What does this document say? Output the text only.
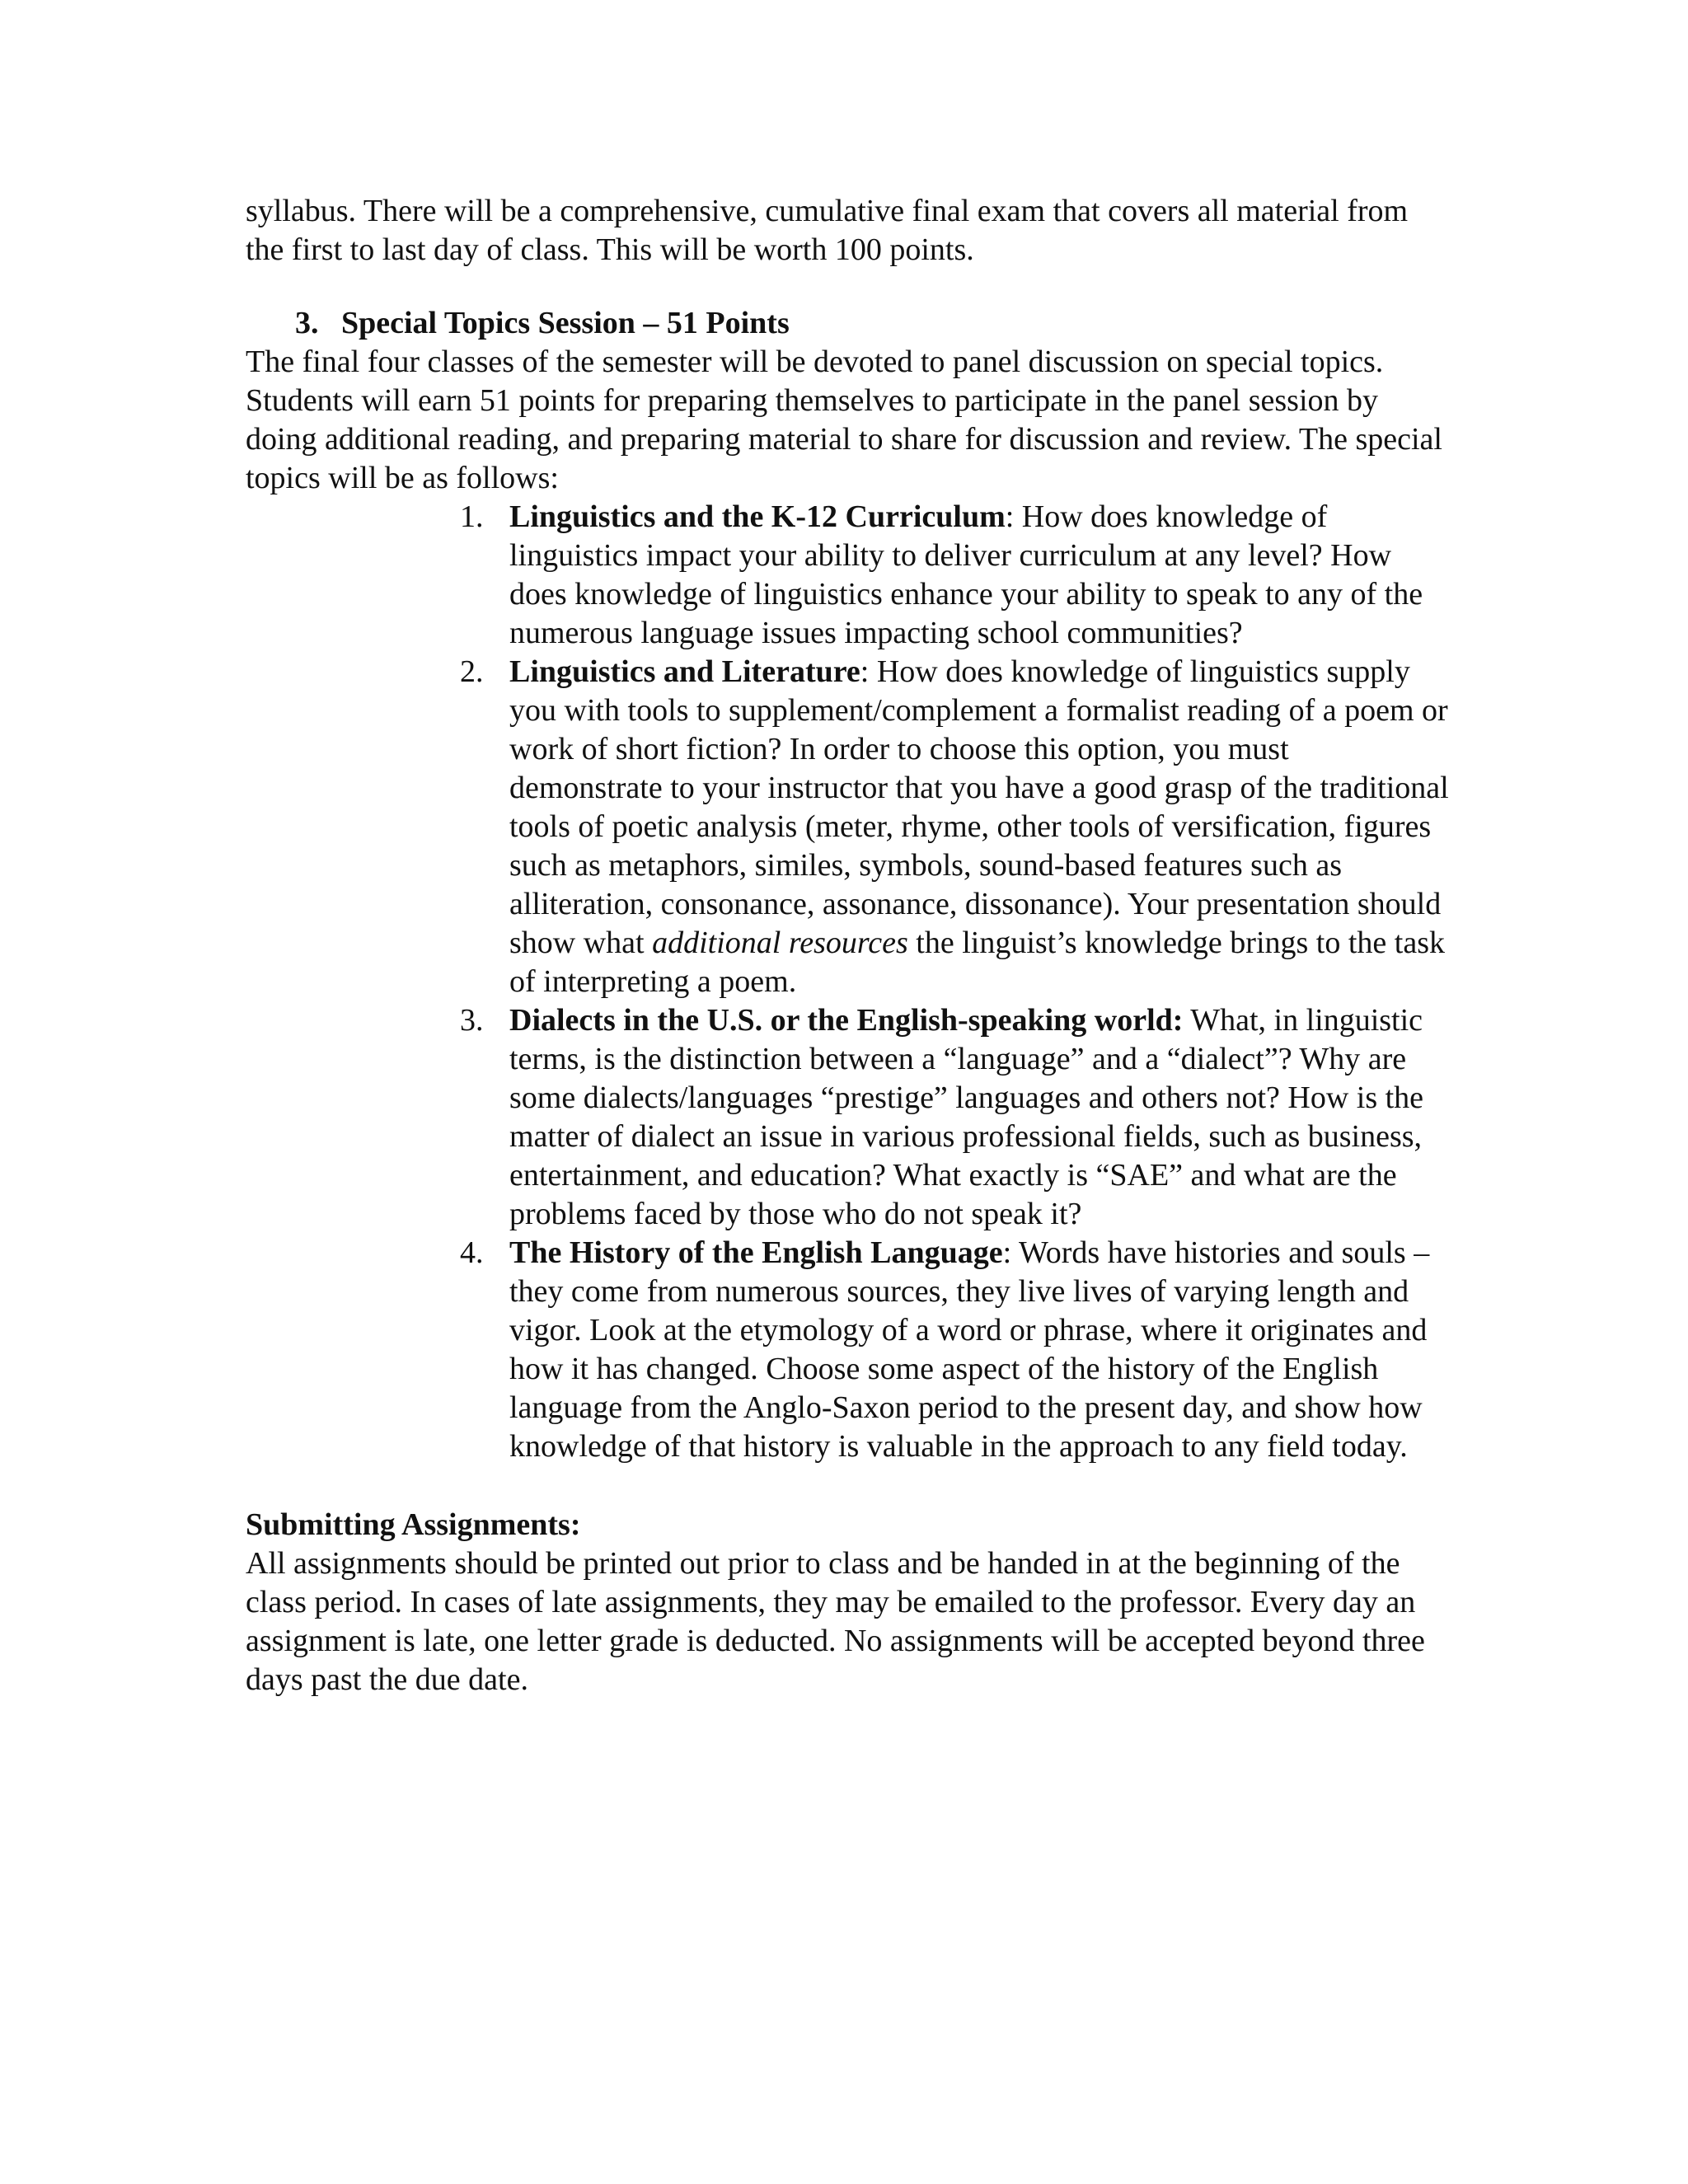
syllabus. There will be a comprehensive, cumulative final exam that covers all material from the first to last day of class. This will be worth 100 points.

3. Special Topics Session – 51 Points

The final four classes of the semester will be devoted to panel discussion on special topics. Students will earn 51 points for preparing themselves to participate in the panel session by doing additional reading, and preparing material to share for discussion and review. The special topics will be as follows:

1. Linguistics and the K-12 Curriculum: How does knowledge of linguistics impact your ability to deliver curriculum at any level? How does knowledge of linguistics enhance your ability to speak to any of the numerous language issues impacting school communities?
2. Linguistics and Literature: How does knowledge of linguistics supply you with tools to supplement/complement a formalist reading of a poem or work of short fiction? In order to choose this option, you must demonstrate to your instructor that you have a good grasp of the traditional tools of poetic analysis (meter, rhyme, other tools of versification, figures such as metaphors, similes, symbols, sound-based features such as alliteration, consonance, assonance, dissonance). Your presentation should show what additional resources the linguist’s knowledge brings to the task of interpreting a poem.
3. Dialects in the U.S. or the English-speaking world: What, in linguistic terms, is the distinction between a “language” and a “dialect”? Why are some dialects/languages “prestige” languages and others not? How is the matter of dialect an issue in various professional fields, such as business, entertainment, and education? What exactly is “SAE” and what are the problems faced by those who do not speak it?
4. The History of the English Language: Words have histories and souls – they come from numerous sources, they live lives of varying length and vigor. Look at the etymology of a word or phrase, where it originates and how it has changed. Choose some aspect of the history of the English language from the Anglo-Saxon period to the present day, and show how knowledge of that history is valuable in the approach to any field today.

Submitting Assignments:

All assignments should be printed out prior to class and be handed in at the beginning of the class period. In cases of late assignments, they may be emailed to the professor. Every day an assignment is late, one letter grade is deducted. No assignments will be accepted beyond three days past the due date.
